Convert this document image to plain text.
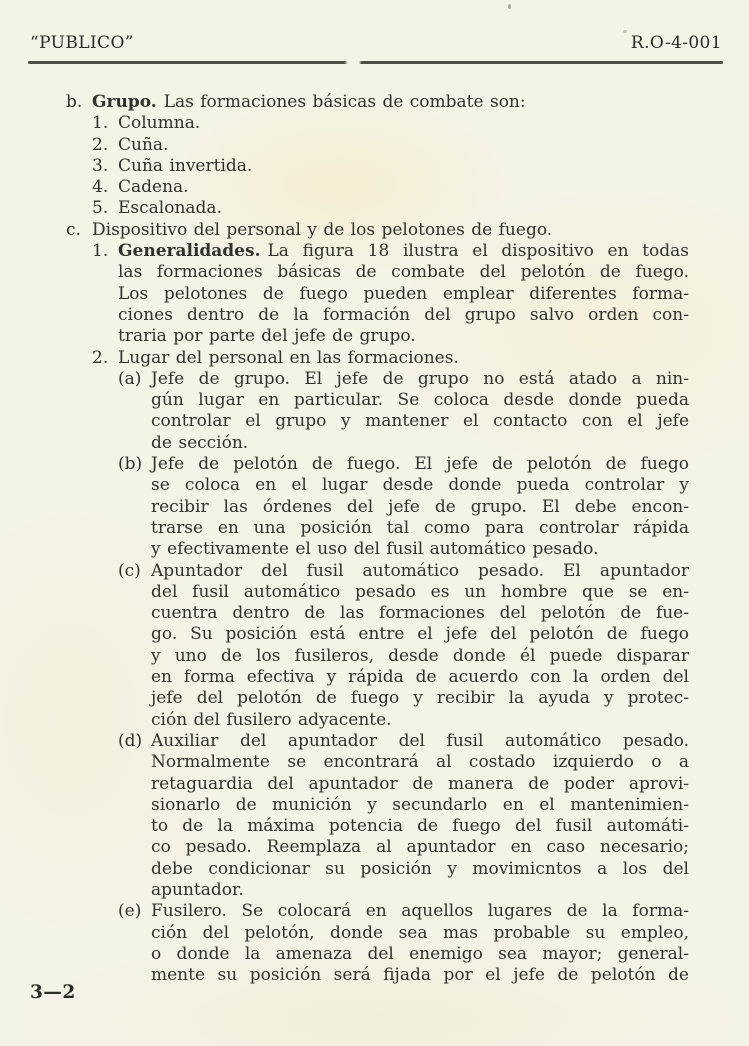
“PUBLICO”	R.O-4-001
b. Grupo. Las formaciones básicas de combate son:
1. Columna.
2. Cuña.
3. Cuña invertida.
4. Cadena.
5. Escalonada.
c. Dispositivo del personal y de los pelotones de fuego.
1. Generalidades. La figura 18 ilustra el dispositivo en todas
las formaciones básicas de combate del pelotón de fuego.
Los pelotones de fuego pueden emplear diferentes forma-
ciones dentro de la formación del grupo salvo orden con-
traria por parte del jefe de grupo.
2. Lugar del personal en las formaciones.
(a) Jefe de grupo. El jefe de grupo no está atado a nin-
gún lugar en particular. Se coloca desde donde pueda
controlar el grupo y mantener el contacto con el jefe
de sección.
(b) Jefe de pelotón de fuego. El jefe de pelotón de fuego
se coloca en el lugar desde donde pueda controlar y
recibir las órdenes del jefe de grupo. El debe encon-
trarse en una posición tal como para controlar rápida
y efectivamente el uso del fusil automático pesado.
(c) Apuntador del fusil automático pesado. El apuntador
del fusil automático pesado es un hombre que se en-
cuentra dentro de las formaciones del pelotón de fue-
go. Su posición está entre el jefe del pelotón de fuego
y uno de los fusileros, desde donde él puede disparar
en forma efectiva y rápida de acuerdo con la orden del
jefe del pelotón de fuego y recibir la ayuda y protec-
ción del fusilero adyacente.
(d) Auxiliar del apuntador del fusil automático pesado.
Normalmente se encontrará al costado izquierdo o a
retaguardia del apuntador de manera de poder aprovi-
sionarlo de munición y secundarlo en el mantenimien-
to de la máxima potencia de fuego del fusil automáti-
co pesado. Reemplaza al apuntador en caso necesario;
debe condicionar su posición y movimicntos a los del
apuntador.
(e) Fusilero. Se colocará en aquellos lugares de la forma-
ción del pelotón, donde sea mas probable su empleo,
o donde la amenaza del enemigo sea mayor; general-
mente su posición será fijada por el jefe de pelotón de
3—2
